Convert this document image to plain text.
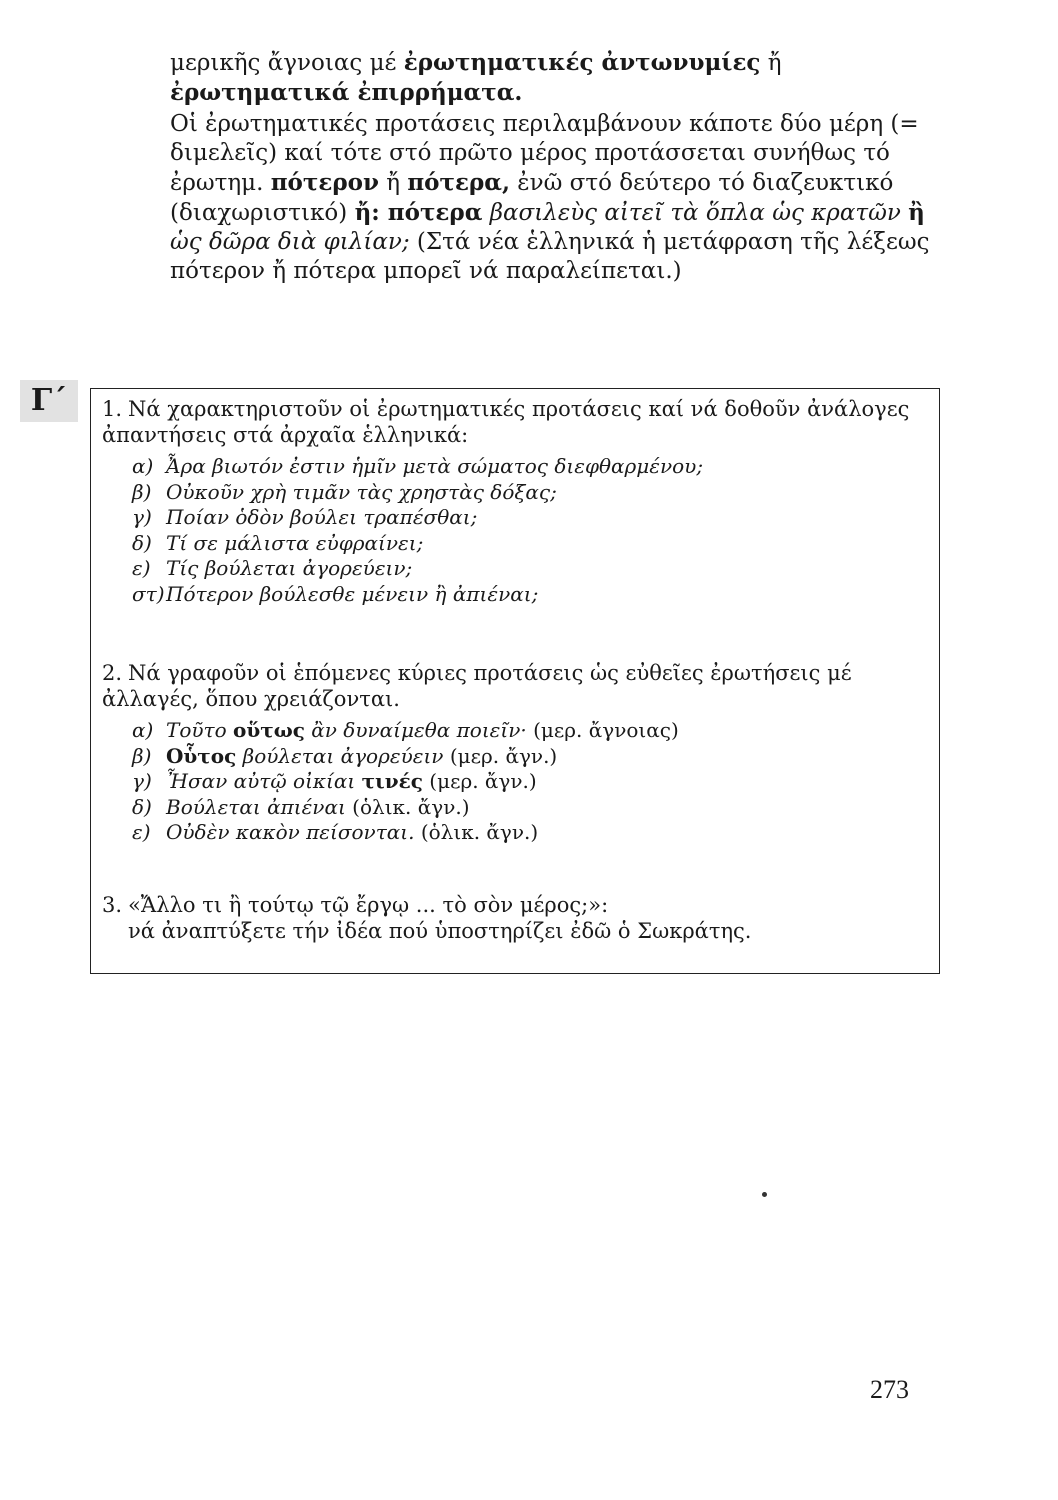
μερικῆς ἄγνοιας μέ ἐρωτηματικές ἀντωνυμίες ἤ ἐρωτηματικά ἐπιρρήματα.

Οἱ ἐρωτηματικές προτάσεις περιλαμβάνουν κάποτε δύο μέρη (= διμελεῖς) καί τότε στό πρῶτο μέρος προτάσσεται συνήθως τό ἐρωτημ. πότερον ἤ πότερα, ἐνῶ στό δεύτερο τό διαζευκτικό (διαχωριστικό) ἤ: πότερα βασιλεὺς αἰτεῖ τὰ ὅπλα ὡς κρατῶν ἢ ὡς δῶρα διὰ φιλίαν; (Στά νέα ἑλληνικά ἡ μετάφραση τῆς λέξεως πότερον ἤ πότερα μπορεῖ νά παραλείπεται.)

Γ΄	1. Νά χαρακτηριστοῦν οἱ ἐρωτηματικές προτάσεις καί νά δοθοῦν ἀνάλογες ἀπαντήσεις στά ἀρχαῖα ἑλληνικά:
α) Ἆρα βιωτόν ἐστιν ἡμῖν μετὰ σώματος διεφθαρμένου;
β) Οὐκοῦν χρὴ τιμᾶν τὰς χρηστὰς δόξας;
γ) Ποίαν ὁδὸν βούλει τραπέσθαι;
δ) Τί σε μάλιστα εὐφραίνει;
ε) Τίς βούλεται ἀγορεύειν;
στ)Πότερον βούλεσθε μένειν ἢ ἀπιέναι;
2. Νά γραφοῦν οἱ ἑπόμενες κύριες προτάσεις ὡς εὐθεῖες ἐρωτήσεις μέ ἀλλαγές, ὅπου χρειάζονται.
α) Τοῦτο οὕτως ἂν δυναίμεθα ποιεῖν· (μερ. ἄγνοιας)
β) Οὗτος βούλεται ἀγορεύειν (μερ. ἄγν.)
γ) Ἦσαν αὐτῷ οἰκίαι τινές (μερ. ἄγν.)
δ) Βούλεται ἀπιέναι (ὁλικ. ἄγν.)
ε) Οὐδὲν κακὸν πείσονται. (ὁλικ. ἄγν.)
3. «Ἄλλο τι ἢ τούτῳ τῷ ἔργῳ ... τὸ σὸν μέρος;»:
νά ἀναπτύξετε τήν ἰδέα πού ὑποστηρίζει ἐδῶ ὁ Σωκράτης.
273
